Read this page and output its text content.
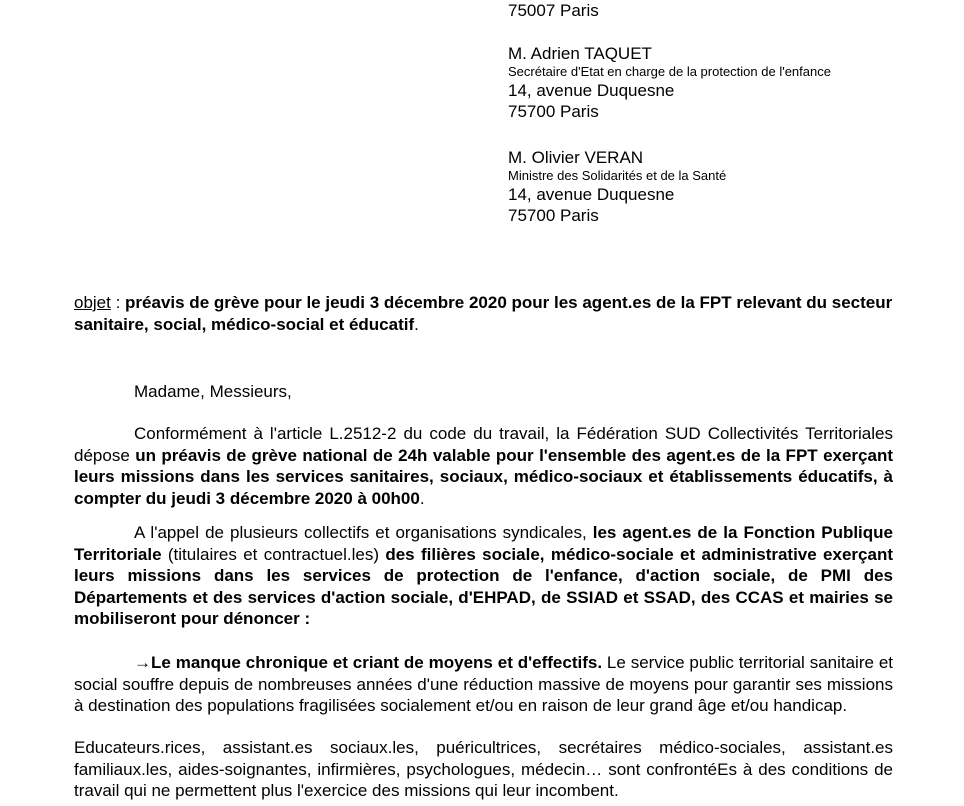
75007 Paris
M. Adrien TAQUET
Secrétaire d'Etat en charge de la protection de l'enfance
14, avenue Duquesne
75700 Paris
M. Olivier VERAN
Ministre des Solidarités et de la Santé
14, avenue Duquesne
75700 Paris
objet : préavis de grève pour le jeudi 3 décembre 2020 pour les agent.es de la FPT relevant du secteur sanitaire, social, médico-social et éducatif.
Madame, Messieurs,
Conformément à l'article L.2512-2 du code du travail, la Fédération SUD Collectivités Territoriales dépose un préavis de grève national de 24h valable pour l'ensemble des agent.es de la FPT exerçant leurs missions dans les services sanitaires, sociaux, médico-sociaux et établissements éducatifs, à compter du jeudi 3 décembre 2020 à 00h00.
A l'appel de plusieurs collectifs et organisations syndicales, les agent.es de la Fonction Publique Territoriale (titulaires et contractuel.les) des filières sociale, médico-sociale et administrative exerçant leurs missions dans les services de protection de l'enfance, d'action sociale, de PMI des Départements et des services d'action sociale, d'EHPAD, de SSIAD et SSAD, des CCAS et mairies se mobiliseront pour dénoncer :
→Le manque chronique et criant de moyens et d'effectifs. Le service public territorial sanitaire et social souffre depuis de nombreuses années d'une réduction massive de moyens pour garantir ses missions à destination des populations fragilisées socialement et/ou en raison de leur grand âge et/ou handicap.
Educateurs.rices, assistant.es sociaux.les, puéricultrices, secrétaires médico-sociales, assistant.es familiaux.les, aides-soignantes, infirmières, psychologues, médecin… sont confrontéEs à des conditions de travail qui ne permettent plus l'exercice des missions qui leur incombent.
